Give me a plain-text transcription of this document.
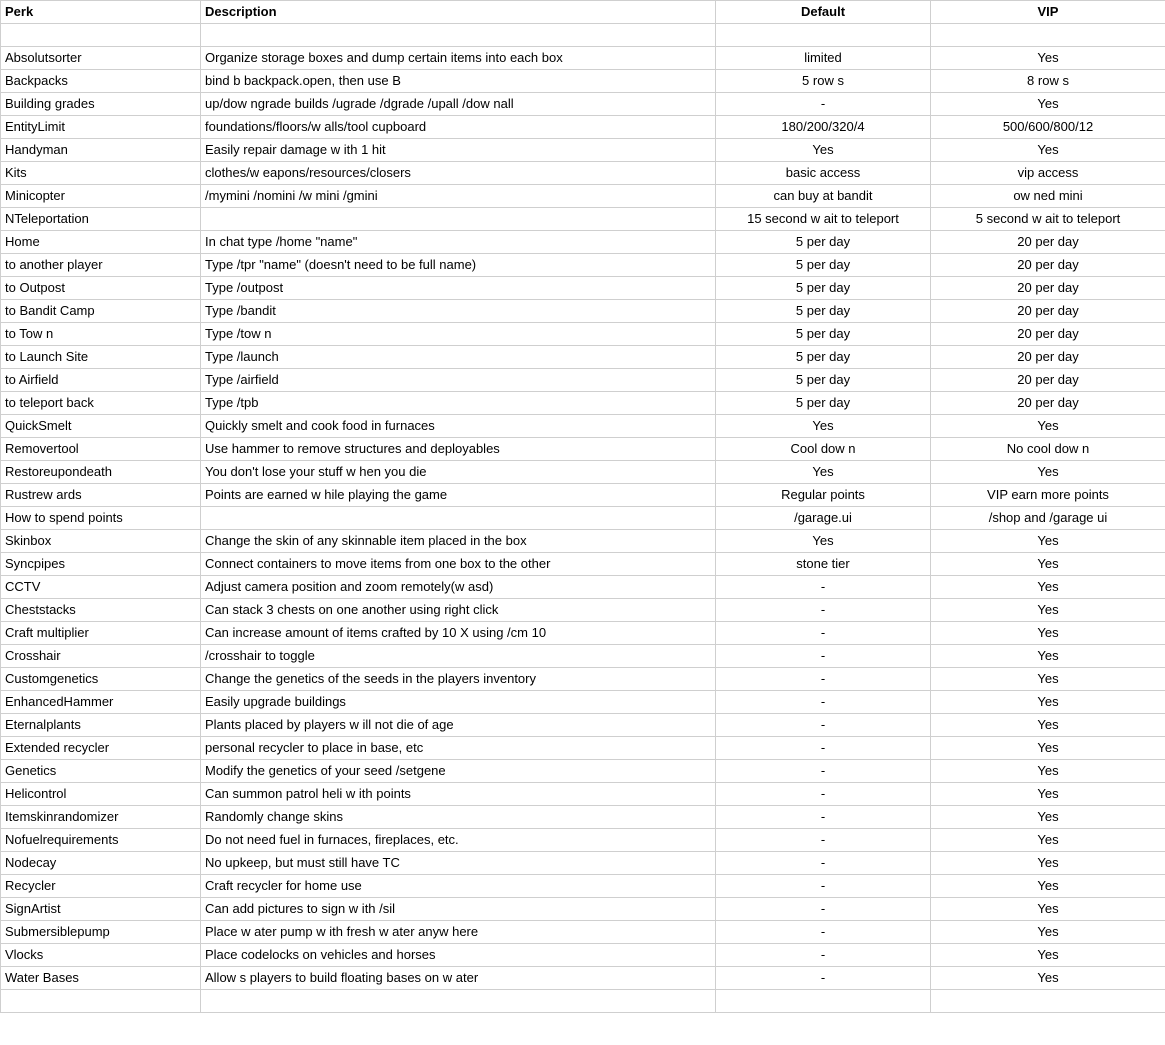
Perk	Description	Default	VIP

Absolutsorter	Organize storage boxes and dump certain items into each box	limited	Yes
Backpacks	bind b backpack.open, then use B	5 row s	8 row s
Building grades	up/dow ngrade builds /ugrade /dgrade /upall /dow nall	-	Yes
EntityLimit	foundations/floors/w alls/tool cupboard	180/200/320/4	500/600/800/12
Handyman	Easily repair damage w ith 1 hit	Yes	Yes
Kits	clothes/w eapons/resources/closers	basic access	vip access
Minicopter	/mymini /nomini /w mini /gmini	can buy at bandit	ow ned mini
NTeleportation		15 second w ait to teleport	5 second w ait to teleport
Home	In chat type /home "name"	5 per day	20 per day
to another player	Type /tpr "name" (doesn't need to be full name)	5 per day	20 per day
to Outpost	Type /outpost	5 per day	20 per day
to Bandit Camp	Type /bandit	5 per day	20 per day
to Tow n	Type /tow n	5 per day	20 per day
to Launch Site	Type /launch	5 per day	20 per day
to Airfield	Type /airfield	5 per day	20 per day
to teleport back	Type /tpb	5 per day	20 per day
QuickSmelt	Quickly smelt and cook food in furnaces	Yes	Yes
Removertool	Use hammer to remove structures and deployables	Cool dow n	No cool dow n
Restoreupondeath	You don't lose your stuff w hen you die	Yes	Yes
Rustrew ards	Points are earned w hile playing the game	Regular points	VIP earn more points
How to spend points		/garage.ui	/shop and /garage ui
Skinbox	Change the skin of any skinnable item placed in the box	Yes	Yes
Syncpipes	Connect containers to move items from one box to the other	stone tier	Yes
CCTV	Adjust camera position and zoom remotely(w asd)	-	Yes
Cheststacks	Can stack 3 chests on one another using right click	-	Yes
Craft multiplier	Can increase amount of items crafted by 10 X using /cm 10	-	Yes
Crosshair	/crosshair to toggle	-	Yes
Customgenetics	Change the genetics of the seeds in the players inventory	-	Yes
EnhancedHammer	Easily upgrade buildings	-	Yes
Eternalplants	Plants placed by players w ill not die of age	-	Yes
Extended recycler	personal recycler to place in base, etc	-	Yes
Genetics	Modify the genetics of your seed /setgene	-	Yes
Helicontrol	Can summon patrol heli w ith points	-	Yes
Itemskinrandomizer	Randomly change skins	-	Yes
Nofuelrequirements	Do not need fuel in furnaces, fireplaces, etc.	-	Yes
Nodecay	No upkeep, but must still have TC	-	Yes
Recycler	Craft recycler for home use	-	Yes
SignArtist	Can add pictures to sign w ith /sil	-	Yes
Submersiblepump	Place w ater pump w ith fresh w ater anyw here	-	Yes
Vlocks	Place codelocks on vehicles and horses	-	Yes
Water Bases	Allow s players to build floating bases on w ater	-	Yes
